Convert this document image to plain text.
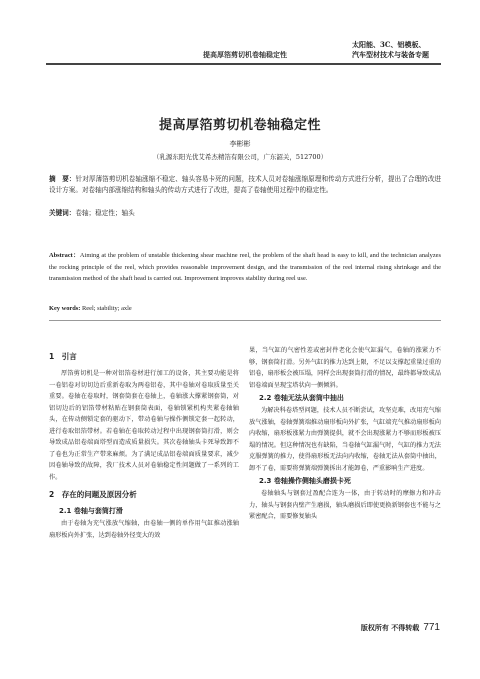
提高厚箔剪切机卷轴稳定性
太阳能、3C、铝模板、
汽车型材技术与装备专题
提高厚箔剪切机卷轴稳定性
李彬彬
（乳源东阳光优艾希杰精箔有限公司，广东韶关，512700）
摘　要：针对厚薄箔剪切机卷轴涨缩不稳定、轴头容易卡死的问题，技术人员对卷轴涨缩原理和传动方式进行分析，提出了合理的改进设计方案。对卷轴内部涨缩结构和轴头的传动方式进行了改进，提高了卷轴使用过程中的稳定性。
关键词：卷轴；稳定性；轴头
Abstract：Aiming at the problem of unstable thickening shear machine reel, the problem of the shaft head is easy to kill, and the technician analyzes the rocking principle of the reel, which provides reasonable improvement design, and the transmission of the reel internal rising shrinkage and the transmission method of the shaft head is carried out. Improvement improves stability during reel use.
Key words: Reel; stability; axle
1　引言

厚箔剪切机是一种对铝箔卷材进行加工的设备，其主要功能是将一卷铝卷对切切边后重新卷取为两卷铝卷，其中卷轴对卷取质量至关重要。卷轴在卷取时，钢套筒套在卷轴上，卷轴涨大撑紧钢套筒，对铝切边后的铝箔带材粘贴在钢套筒表面，卷轴锁紧机构夹紧卷轴轴头，在传动侧锁定套的驱动下，带动卷轴与操作侧锁定套一起转动，进行卷取铝箔带材。若卷轴在卷取转动过程中出现钢套筒打滑，则会导致成品铝卷端面塔型而造成质量损失。其次卷轴轴头卡死导致卸不了卷也为正常生产带来麻烦。为了满足成品铝卷端面质量要求，减少因卷轴导致的故障，我厂技术人员对卷轴稳定性问题做了一系列的工作。

2　存在的问题及原因分析
2.1 卷轴与套筒打滑

由于卷轴为充气涨放气缩轴，由卷轴一侧的单作用气缸推动涨轴扇形板向外扩张，达到卷轴外径变大的效

果，当气缸的气密性差或密封件老化会使气缸漏气，卷轴的涨紧力不够，钢套筒打滑。另外气缸的推力达到上限，不足以支撑起重量过重的铝卷，扇形板会被压塌，同样会出现套筒打滑的情况，最终都导致成品铝卷端面呈现宝塔状向一侧倾斜。

2.2 卷轴无法从套筒中抽出

为解决科卷塔型问题，技术人员不断尝试，攻坚克难，改用充气缩放气涨轴，卷轴弹簧端推动扇形板向外扩张，气缸端充气推动扇形板向内收缩，扇形板涨紧力由弹簧提供，就不会出现涨紧力不够而形板被压塌的情况。但这种情况也有缺陷，当卷轴气缸漏气时，气缸的推力无法克服弹簧的推力，使得扇形板无法向内收缩，卷轴无法从套筒中抽出，卸不了卷，需要将弹簧端弹簧拆出才能卸卷，严重影响生产进度。

2.3 卷轴操作侧轴头磨损卡死

卷轴轴头与钢套过盈配合连为一体，由于转动时的摩擦力和冲击力，轴头与钢套内壁产生磨损，轴头磨损后即使更换新钢套也不能与之紧密配合，需要修复轴头

版权所有 不得转载 771
